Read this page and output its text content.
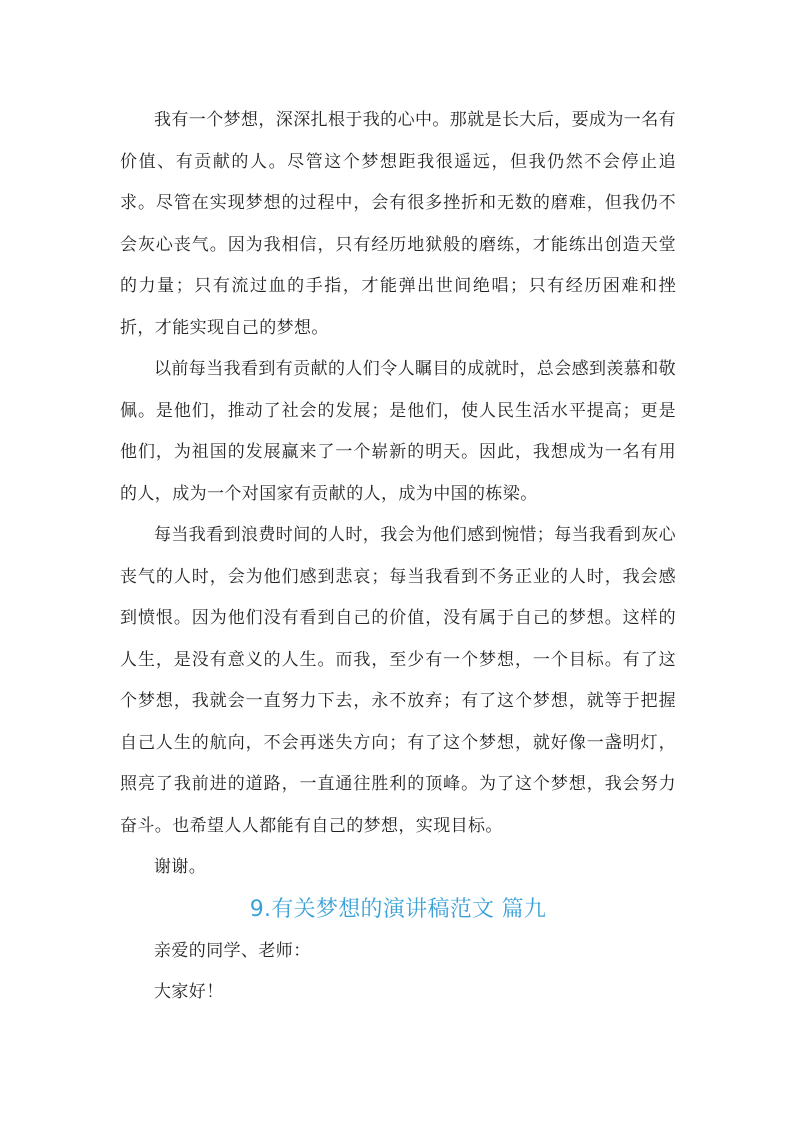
我有一个梦想，深深扎根于我的心中。那就是长大后，要成为一名有价值、有贡献的人。尽管这个梦想距我很遥远，但我仍然不会停止追求。尽管在实现梦想的过程中，会有很多挫折和无数的磨难，但我仍不会灰心丧气。因为我相信，只有经历地狱般的磨练，才能练出创造天堂的力量；只有流过血的手指，才能弹出世间绝唱；只有经历困难和挫折，才能实现自己的梦想。

以前每当我看到有贡献的人们令人瞩目的成就时，总会感到羡慕和敬佩。是他们，推动了社会的发展；是他们，使人民生活水平提高；更是他们，为祖国的发展赢来了一个崭新的明天。因此，我想成为一名有用的人，成为一个对国家有贡献的人，成为中国的栋梁。

每当我看到浪费时间的人时，我会为他们感到惋惜；每当我看到灰心丧气的人时，会为他们感到悲哀；每当我看到不务正业的人时，我会感到愤恨。因为他们没有看到自己的价值，没有属于自己的梦想。这样的人生，是没有意义的人生。而我，至少有一个梦想，一个目标。有了这个梦想，我就会一直努力下去，永不放弃；有了这个梦想，就等于把握自己人生的航向，不会再迷失方向；有了这个梦想，就好像一盏明灯，照亮了我前进的道路，一直通往胜利的顶峰。为了这个梦想，我会努力奋斗。也希望人人都能有自己的梦想，实现目标。

谢谢。

9.有关梦想的演讲稿范文 篇九

亲爱的同学、老师：

大家好！
